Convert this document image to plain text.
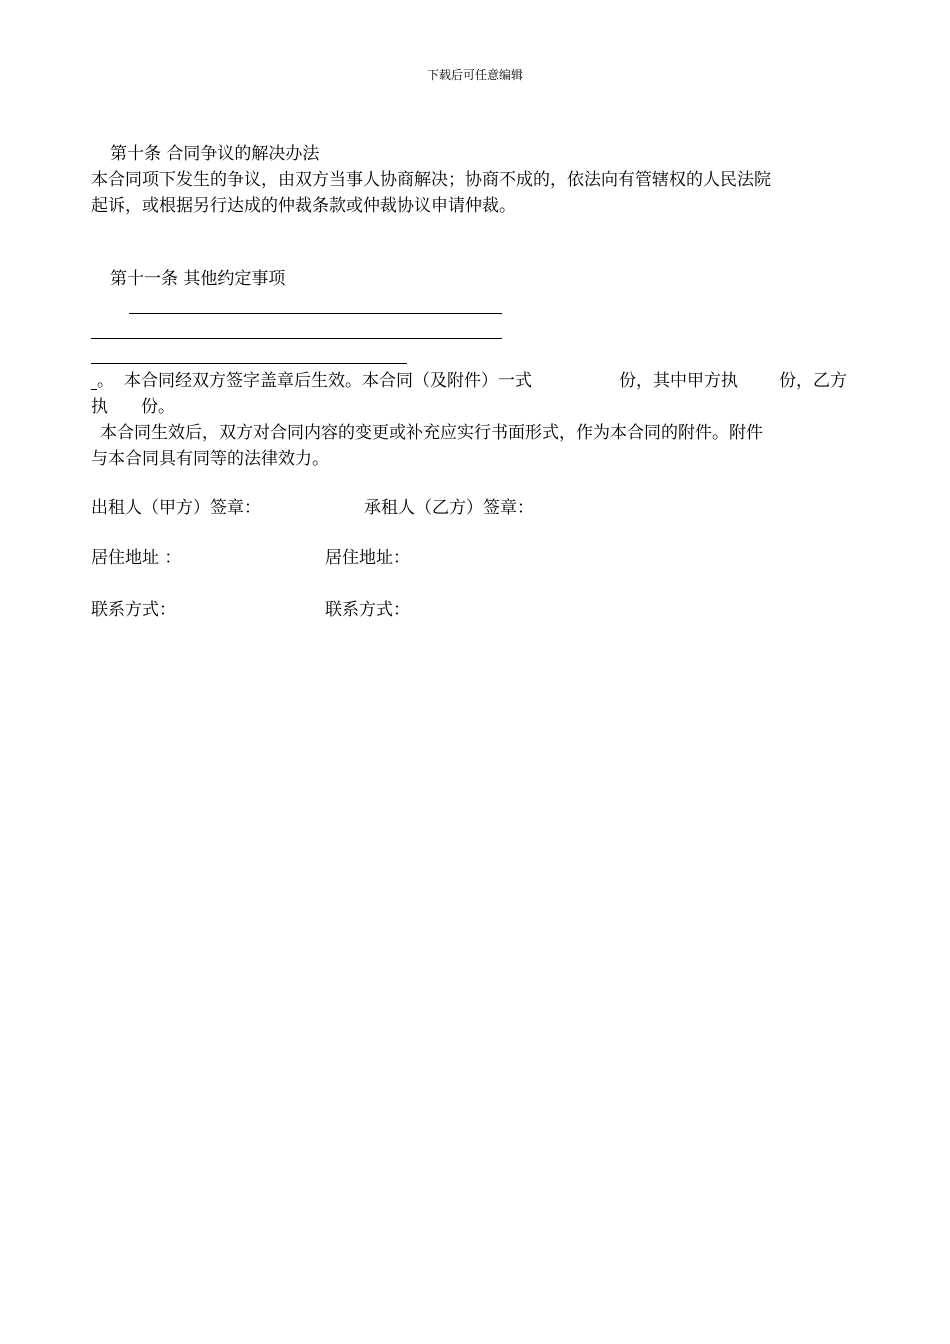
下载后可任意编辑
第十条 合同争议的解决办法
本合同项下发生的争议，由双方当事人协商解决；协商不成的，依法向有管辖权的人民法院
起诉，或根据另行达成的仲裁条款或仲裁协议申请仲裁。
第十一条 其他约定事项
。 本合同经双方签字盖章后生效。本合同（及附件）一式	份，其中甲方执 份，乙方
执 份。
本合同生效后，双方对合同内容的变更或补充应实行书面形式，作为本合同的附件。附件
与本合同具有同等的法律效力。
出租人（甲方）签章：	承租人（乙方）签章：
居住地址 ：	居住地址：
联系方式：	联系方式：
